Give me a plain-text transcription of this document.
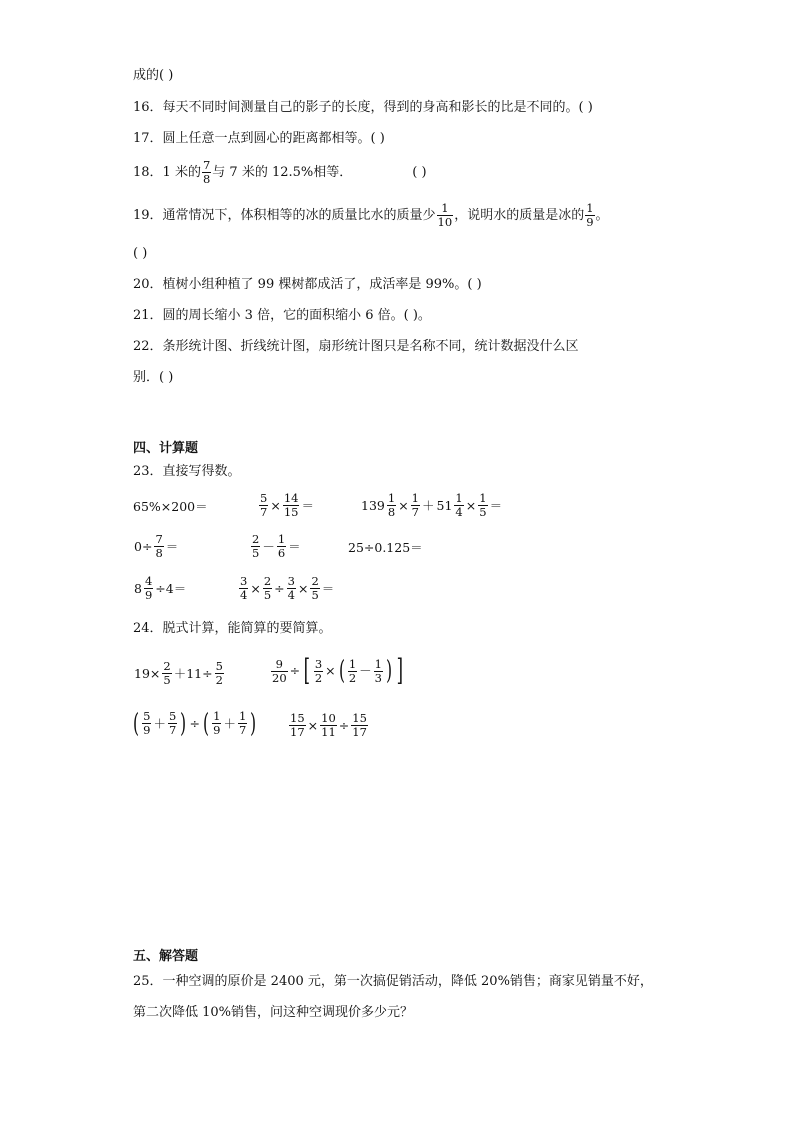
成的( )
16．每天不同时间测量自己的影子的长度，得到的身高和影长的比是不同的。( )
17．圆上任意一点到圆心的距离都相等。( )
18．1 米的 $\frac{7}{8}$ 与 7 米的 12.5%相等．	( )
19．通常情况下，体积相等的冰的质量比水的质量少 $\frac{1}{10}$ ，说明水的质量是冰的 $\frac{1}{9}$ 。
( )
20．植树小组种植了 99 棵树都成活了，成活率是 99%。( )
21．圆的周长缩小 3 倍，它的面积缩小 6 倍。( )。
22．条形统计图、折线统计图，扇形统计图只是名称不同，统计数据没什么区
别．( )
四、计算题
23．直接写得数。
65%×200＝	$\frac{5}{7} \times \frac{14}{15}$ ＝	$139 \frac{1}{8} \times \frac{1}{7} + 51 \frac{1}{4} \times \frac{1}{5}$ ＝
$0\div \frac{7}{8}$ ＝	$\frac{2}{5} - \frac{1}{6}$ ＝	25÷0.125＝
$8 \frac{4}{9} \div 4=$	$\frac{3}{4} \times \frac{2}{5} \div \frac{3}{4} \times \frac{2}{5}$ ＝
24．脱式计算，能简算的要简算。
$19\times \frac{2}{5} +11\div \frac{5}{2}$	$\frac{9}{20}$ ÷ [ $\frac{3}{2}$ × ( $\frac{1}{2} - \frac{1}{3}$ ) ]
( $\frac{5}{9} + \frac{5}{7}$ ) ÷ ( $\frac{1}{9} + \frac{1}{7}$ )	$\frac{15}{17} \times \frac{10}{11} \div \frac{15}{17}$
五、解答题
25．一种空调的原价是 2400 元，第一次搞促销活动，降低 20%销售；商家见销量不好，
第二次降低 10%销售，问这种空调现价多少元？
